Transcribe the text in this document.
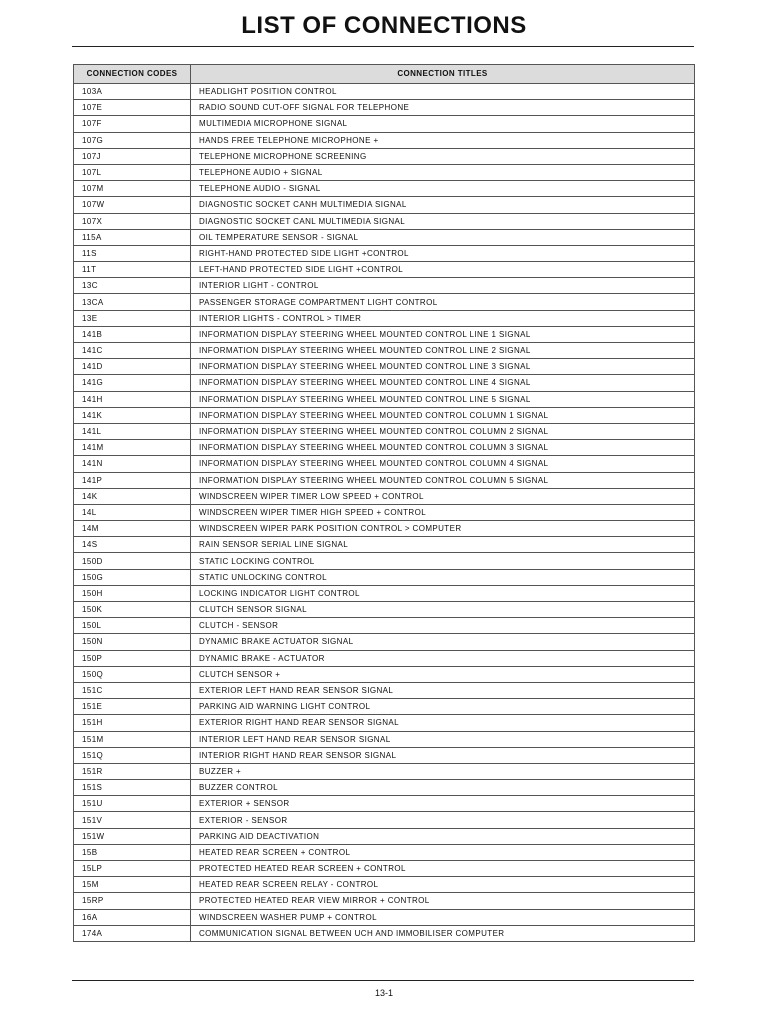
LIST OF CONNECTIONS
CONNECTION CODES	CONNECTION TITLES
103A	HEADLIGHT POSITION CONTROL
107E	RADIO SOUND CUT-OFF SIGNAL FOR TELEPHONE
107F	MULTIMEDIA MICROPHONE SIGNAL
107G	HANDS FREE TELEPHONE MICROPHONE +
107J	TELEPHONE MICROPHONE SCREENING
107L	TELEPHONE AUDIO + SIGNAL
107M	TELEPHONE AUDIO - SIGNAL
107W	DIAGNOSTIC SOCKET CANH MULTIMEDIA SIGNAL
107X	DIAGNOSTIC SOCKET CANL MULTIMEDIA SIGNAL
115A	OIL TEMPERATURE SENSOR - SIGNAL
11S	RIGHT-HAND PROTECTED SIDE LIGHT +CONTROL
11T	LEFT-HAND PROTECTED SIDE LIGHT +CONTROL
13C	INTERIOR LIGHT - CONTROL
13CA	PASSENGER STORAGE COMPARTMENT LIGHT CONTROL
13E	INTERIOR LIGHTS - CONTROL > TIMER
141B	INFORMATION DISPLAY STEERING WHEEL MOUNTED CONTROL LINE 1 SIGNAL
141C	INFORMATION DISPLAY STEERING WHEEL MOUNTED CONTROL LINE 2 SIGNAL
141D	INFORMATION DISPLAY STEERING WHEEL MOUNTED CONTROL LINE 3 SIGNAL
141G	INFORMATION DISPLAY STEERING WHEEL MOUNTED CONTROL LINE 4 SIGNAL
141H	INFORMATION DISPLAY STEERING WHEEL MOUNTED CONTROL LINE 5 SIGNAL
141K	INFORMATION DISPLAY STEERING WHEEL MOUNTED CONTROL COLUMN 1 SIGNAL
141L	INFORMATION DISPLAY STEERING WHEEL MOUNTED CONTROL COLUMN 2 SIGNAL
141M	INFORMATION DISPLAY STEERING WHEEL MOUNTED CONTROL COLUMN 3 SIGNAL
141N	INFORMATION DISPLAY STEERING WHEEL MOUNTED CONTROL COLUMN 4 SIGNAL
141P	INFORMATION DISPLAY STEERING WHEEL MOUNTED CONTROL COLUMN 5 SIGNAL
14K	WINDSCREEN WIPER TIMER LOW SPEED + CONTROL
14L	WINDSCREEN WIPER TIMER HIGH SPEED + CONTROL
14M	WINDSCREEN WIPER PARK POSITION CONTROL > COMPUTER
14S	RAIN SENSOR SERIAL LINE SIGNAL
150D	STATIC LOCKING CONTROL
150G	STATIC UNLOCKING CONTROL
150H	LOCKING INDICATOR LIGHT CONTROL
150K	CLUTCH SENSOR SIGNAL
150L	CLUTCH - SENSOR
150N	DYNAMIC BRAKE ACTUATOR SIGNAL
150P	DYNAMIC BRAKE - ACTUATOR
150Q	CLUTCH SENSOR +
151C	EXTERIOR LEFT HAND REAR SENSOR SIGNAL
151E	PARKING AID WARNING LIGHT CONTROL
151H	EXTERIOR RIGHT HAND REAR SENSOR SIGNAL
151M	INTERIOR LEFT HAND REAR SENSOR SIGNAL
151Q	INTERIOR RIGHT HAND REAR SENSOR SIGNAL
151R	BUZZER +
151S	BUZZER CONTROL
151U	EXTERIOR + SENSOR
151V	EXTERIOR - SENSOR
151W	PARKING AID DEACTIVATION
15B	HEATED REAR SCREEN + CONTROL
15LP	PROTECTED HEATED REAR SCREEN + CONTROL
15M	HEATED REAR SCREEN RELAY - CONTROL
15RP	PROTECTED HEATED REAR VIEW MIRROR + CONTROL
16A	WINDSCREEN WASHER PUMP + CONTROL
174A	COMMUNICATION SIGNAL BETWEEN UCH AND IMMOBILISER COMPUTER
13-1
